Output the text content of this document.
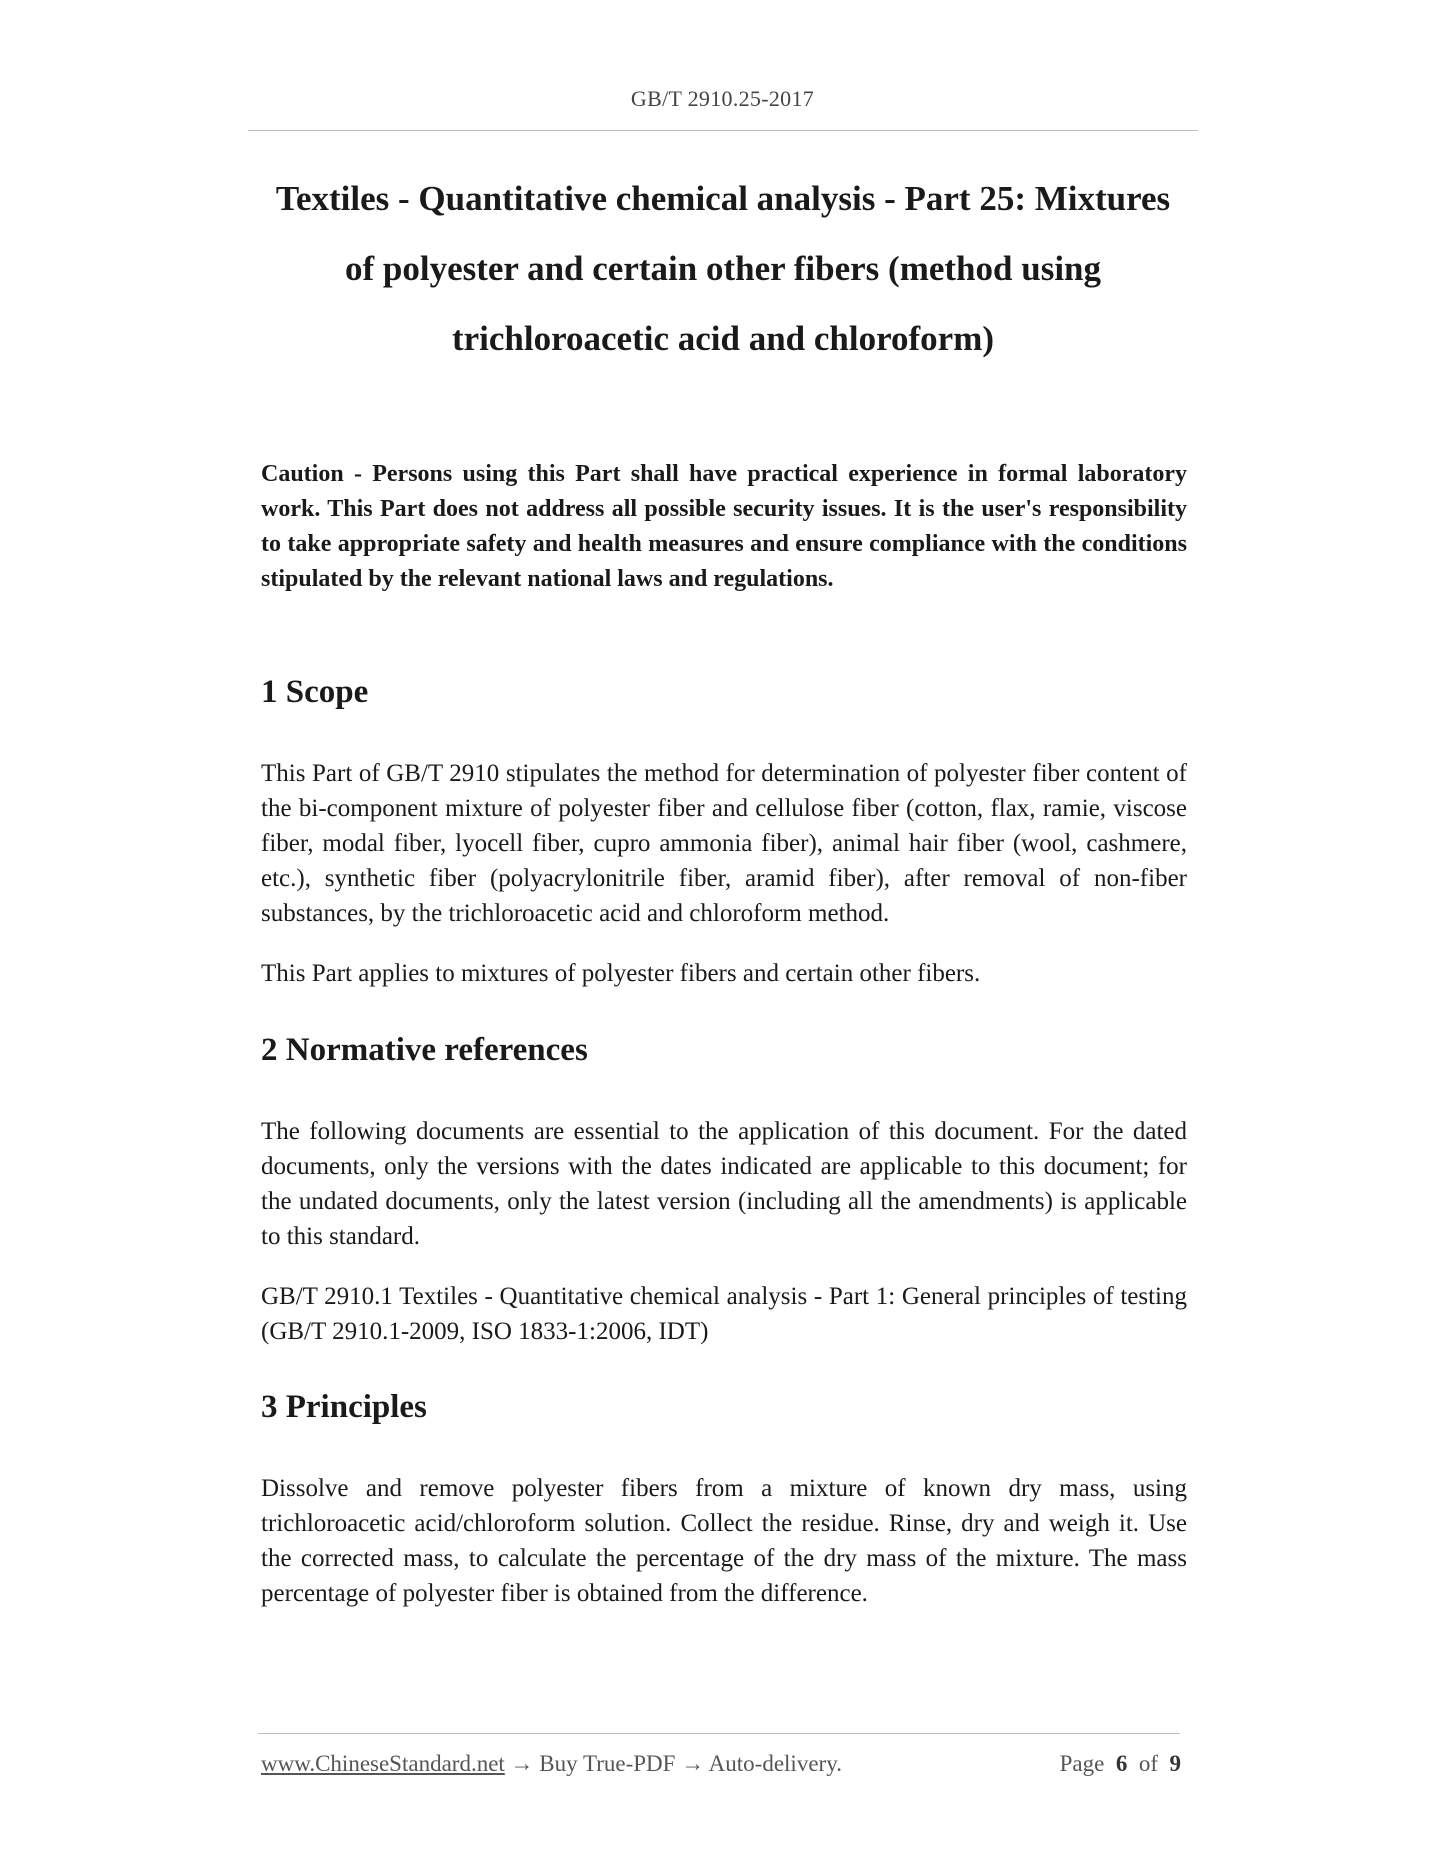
GB/T 2910.25-2017
Textiles - Quantitative chemical analysis - Part 25: Mixtures
of polyester and certain other fibers (method using
trichloroacetic acid and chloroform)

Caution - Persons using this Part shall have practical experience in formal laboratory work. This Part does not address all possible security issues. It is the user's responsibility to take appropriate safety and health measures and ensure compliance with the conditions stipulated by the relevant national laws and regulations.

1 Scope

This Part of GB/T 2910 stipulates the method for determination of polyester fiber content of the bi-component mixture of polyester fiber and cellulose fiber (cotton, flax, ramie, viscose fiber, modal fiber, lyocell fiber, cupro ammonia fiber), animal hair fiber (wool, cashmere, etc.), synthetic fiber (polyacrylonitrile fiber, aramid fiber), after removal of non-fiber substances, by the trichloroacetic acid and chloroform method.

This Part applies to mixtures of polyester fibers and certain other fibers.

2 Normative references

The following documents are essential to the application of this document. For the dated documents, only the versions with the dates indicated are applicable to this document; for the undated documents, only the latest version (including all the amendments) is applicable to this standard.

GB/T 2910.1 Textiles - Quantitative chemical analysis - Part 1: General principles of testing (GB/T 2910.1-2009, ISO 1833-1:2006, IDT)

3 Principles

Dissolve and remove polyester fibers from a mixture of known dry mass, using trichloroacetic acid/chloroform solution. Collect the residue. Rinse, dry and weigh it. Use the corrected mass, to calculate the percentage of the dry mass of the mixture. The mass percentage of polyester fiber is obtained from the difference.

www.ChineseStandard.net → Buy True-PDF → Auto-delivery.	Page 6 of 9
